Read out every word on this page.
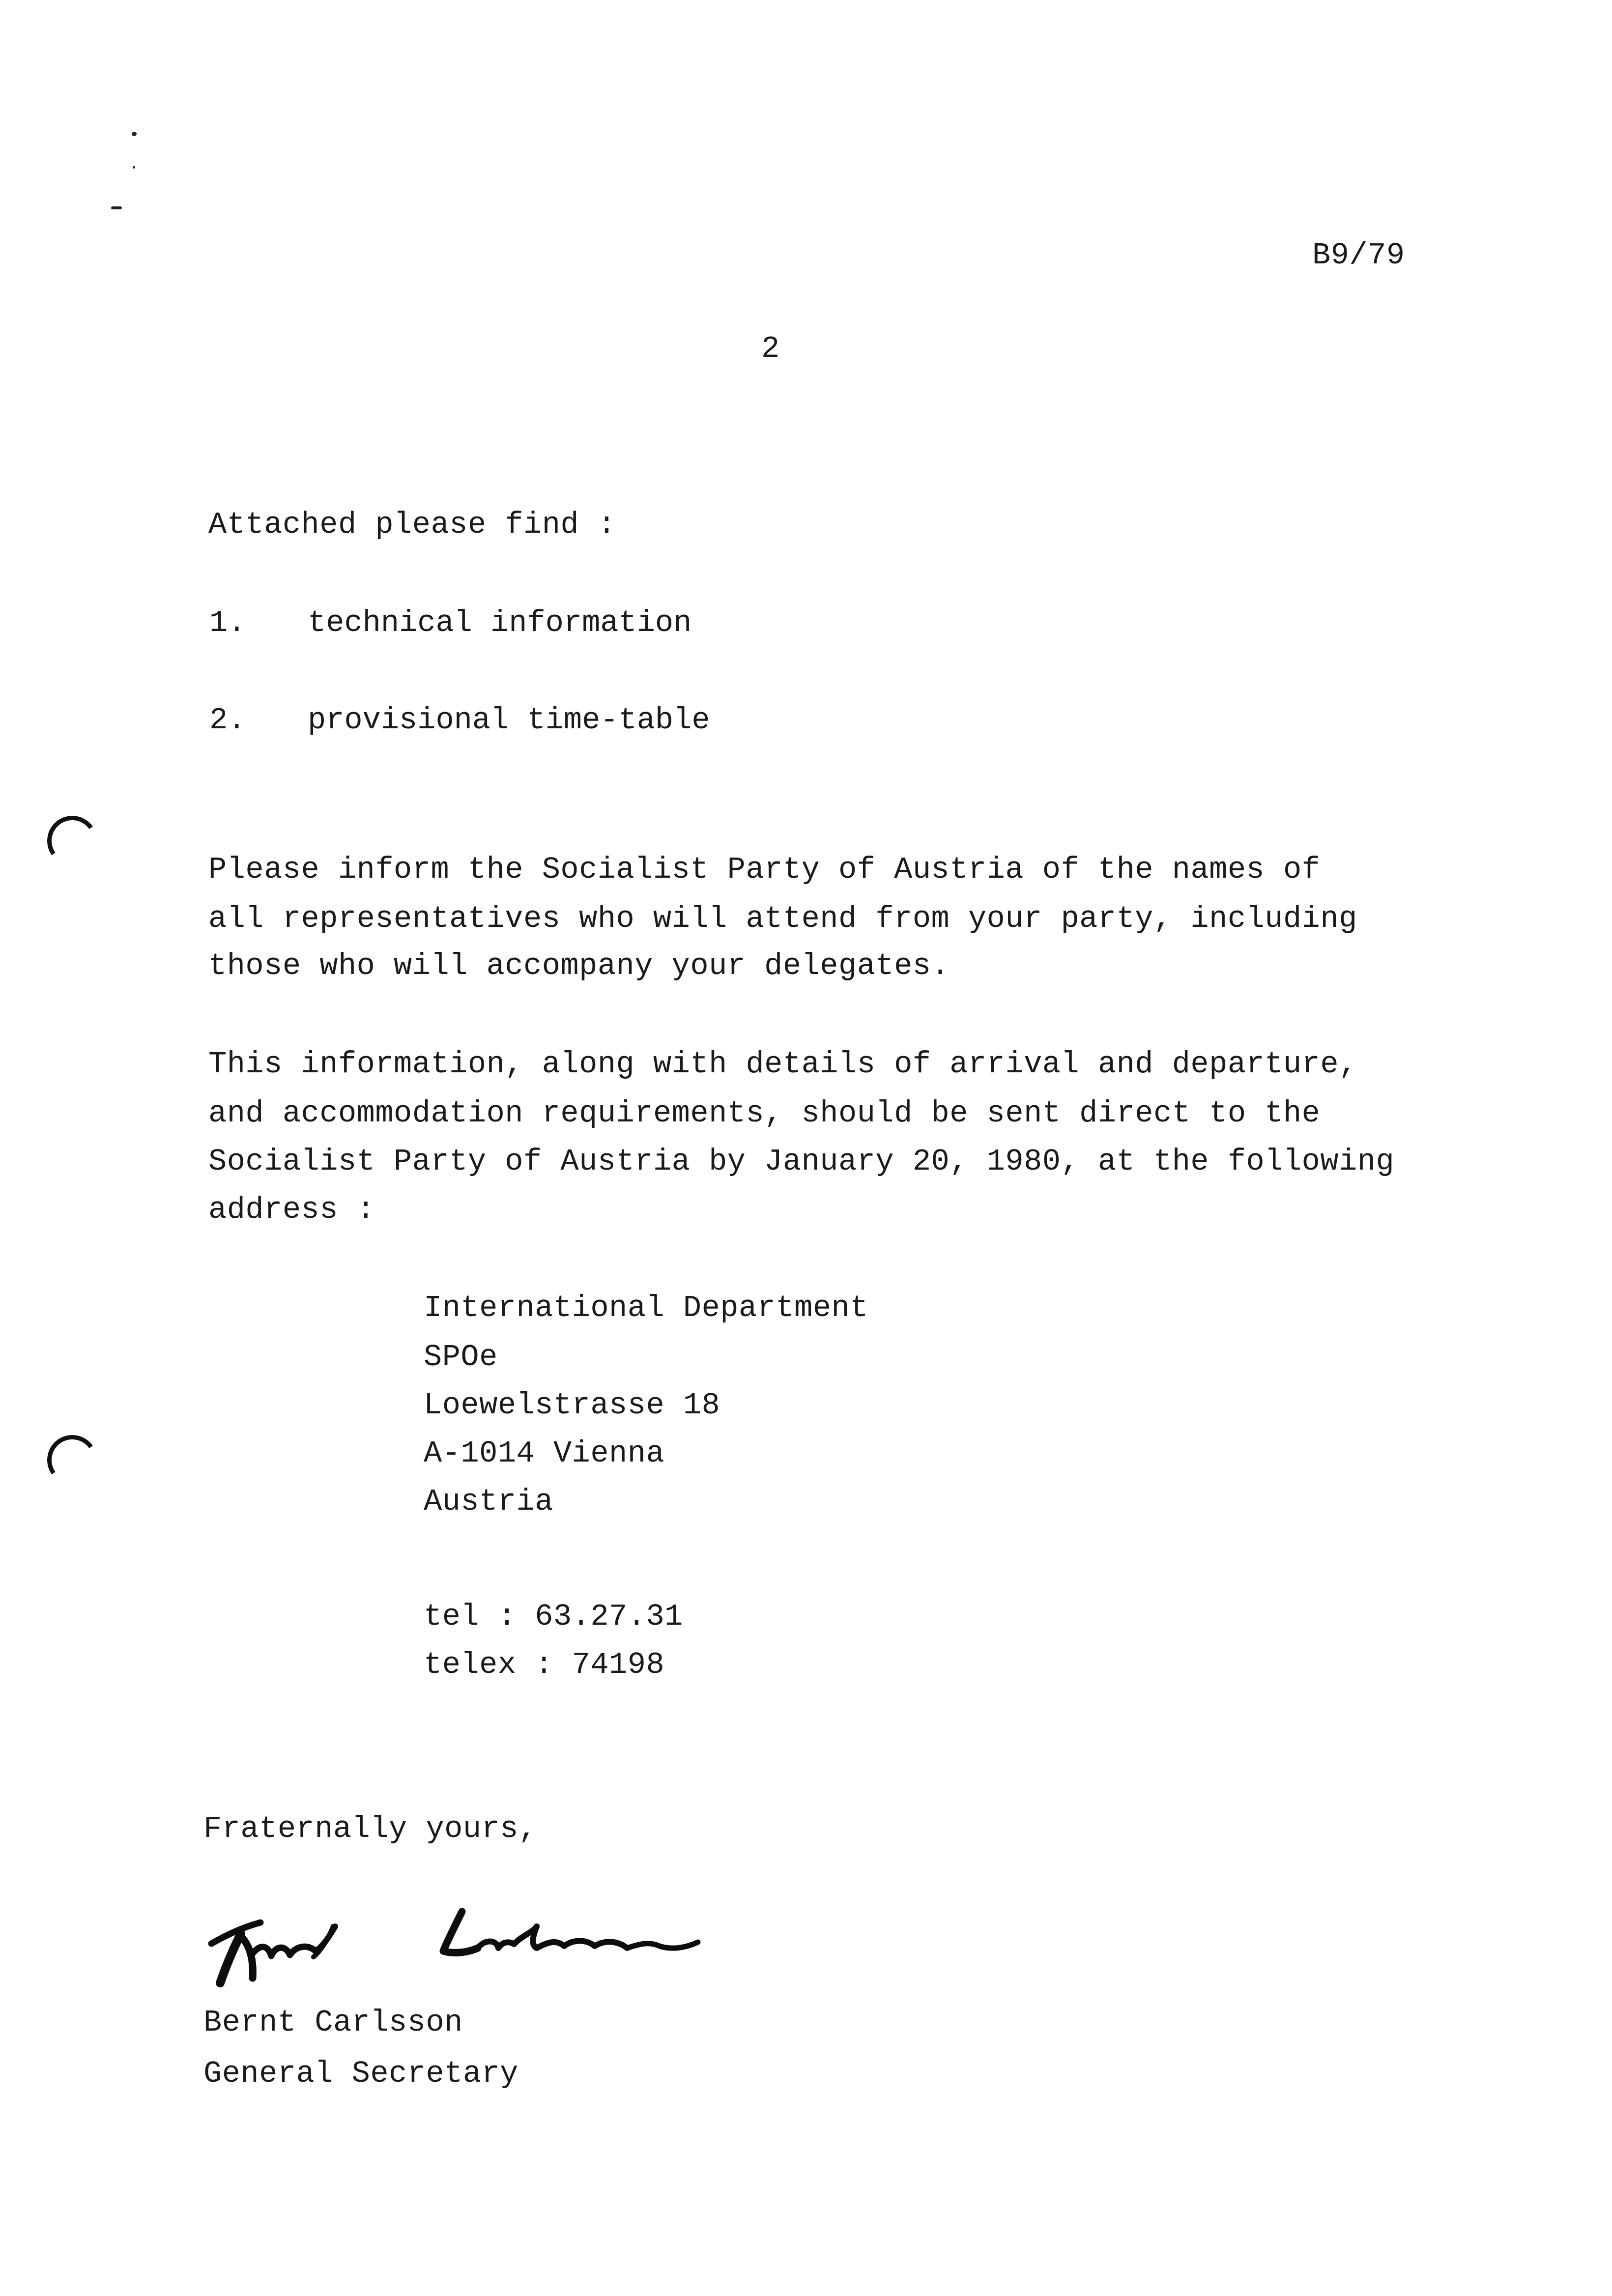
B9/79
2
Attached please find :
1. technical information
2. provisional time-table
Please inform the Socialist Party of Austria of the names of
all representatives who will attend from your party, including
those who will accompany your delegates.
This information, along with details of arrival and departure,
and accommodation requirements, should be sent direct to the
Socialist Party of Austria by January 20, 1980, at the following
address :
International Department
SPOe
Loewelstrasse 18
A-1014 Vienna
Austria
tel : 63.27.31
telex : 74198
Fraternally yours,
Bernt Carlsson
General Secretary
